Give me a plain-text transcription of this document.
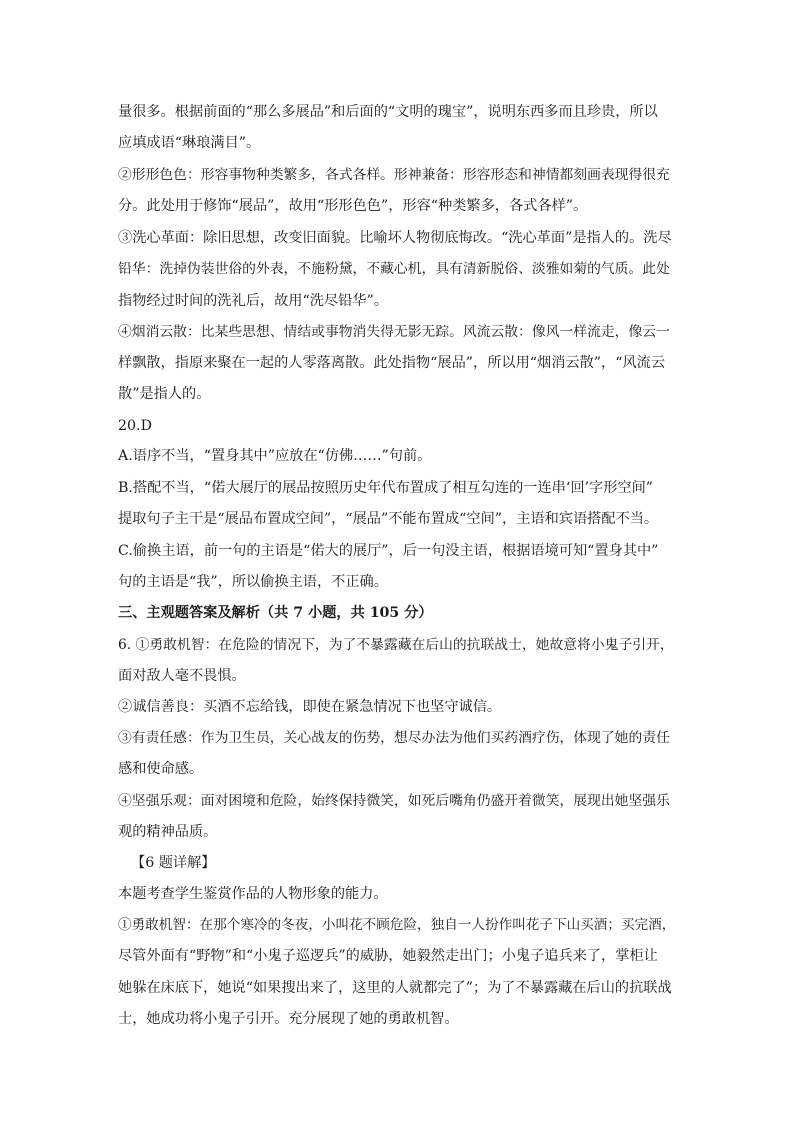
量很多。根据前面的“那么多展品”和后面的“文明的瑰宝”，说明东西多而且珍贵，所以

应填成语“琳琅满目”。

②形形色色：形容事物种类繁多，各式各样。形神兼备：形容形态和神情都刻画表现得很充

分。此处用于修饰“展品”，故用“形形色色”，形容“种类繁多，各式各样”。

③洗心革面：除旧思想，改变旧面貌。比喻坏人物彻底悔改。“洗心革面”是指人的。洗尽

铅华：洗掉伪装世俗的外表，不施粉黛，不藏心机，具有清新脱俗、淡雅如菊的气质。此处

指物经过时间的洗礼后，故用“洗尽铅华”。

④烟消云散：比某些思想、情结或事物消失得无影无踪。风流云散：像风一样流走，像云一

样飘散，指原来聚在一起的人零落离散。此处指物“展品”，所以用“烟消云散”，“风流云

散”是指人的。

20.D

A.语序不当，“置身其中”应放在“仿佛……”句前。

B.搭配不当，“偌大展厅的展品按照历史年代布置成了相互勾连的一连串‘回’字形空间”

提取句子主干是“展品布置成空间”，“展品”不能布置成“空间”，主语和宾语搭配不当。

C.偷换主语，前一句的主语是“偌大的展厅”，后一句没主语，根据语境可知“置身其中”

句的主语是“我”，所以偷换主语，不正确。

三、主观题答案及解析（共 7 小题，共 105 分）

6. ①勇敢机智：在危险的情况下，为了不暴露藏在后山的抗联战士，她故意将小鬼子引开，

面对敌人毫不畏惧。

②诚信善良：买酒不忘给钱，即使在紧急情况下也坚守诚信。

③有责任感：作为卫生员，关心战友的伤势，想尽办法为他们买药酒疗伤，体现了她的责任

感和使命感。

④坚强乐观：面对困境和危险，始终保持微笑，如死后嘴角仍盛开着微笑，展现出她坚强乐

观的精神品质。

【6 题详解】

本题考查学生鉴赏作品的人物形象的能力。

①勇敢机智：在那个寒冷的冬夜，小叫花不顾危险，独自一人扮作叫花子下山买酒；买完酒，

尽管外面有“野物”和“小鬼子巡逻兵”的威胁，她毅然走出门；小鬼子追兵来了，掌柜让

她躲在床底下，她说“如果搜出来了，这里的人就都完了”；为了不暴露藏在后山的抗联战

士，她成功将小鬼子引开。充分展现了她的勇敢机智。
